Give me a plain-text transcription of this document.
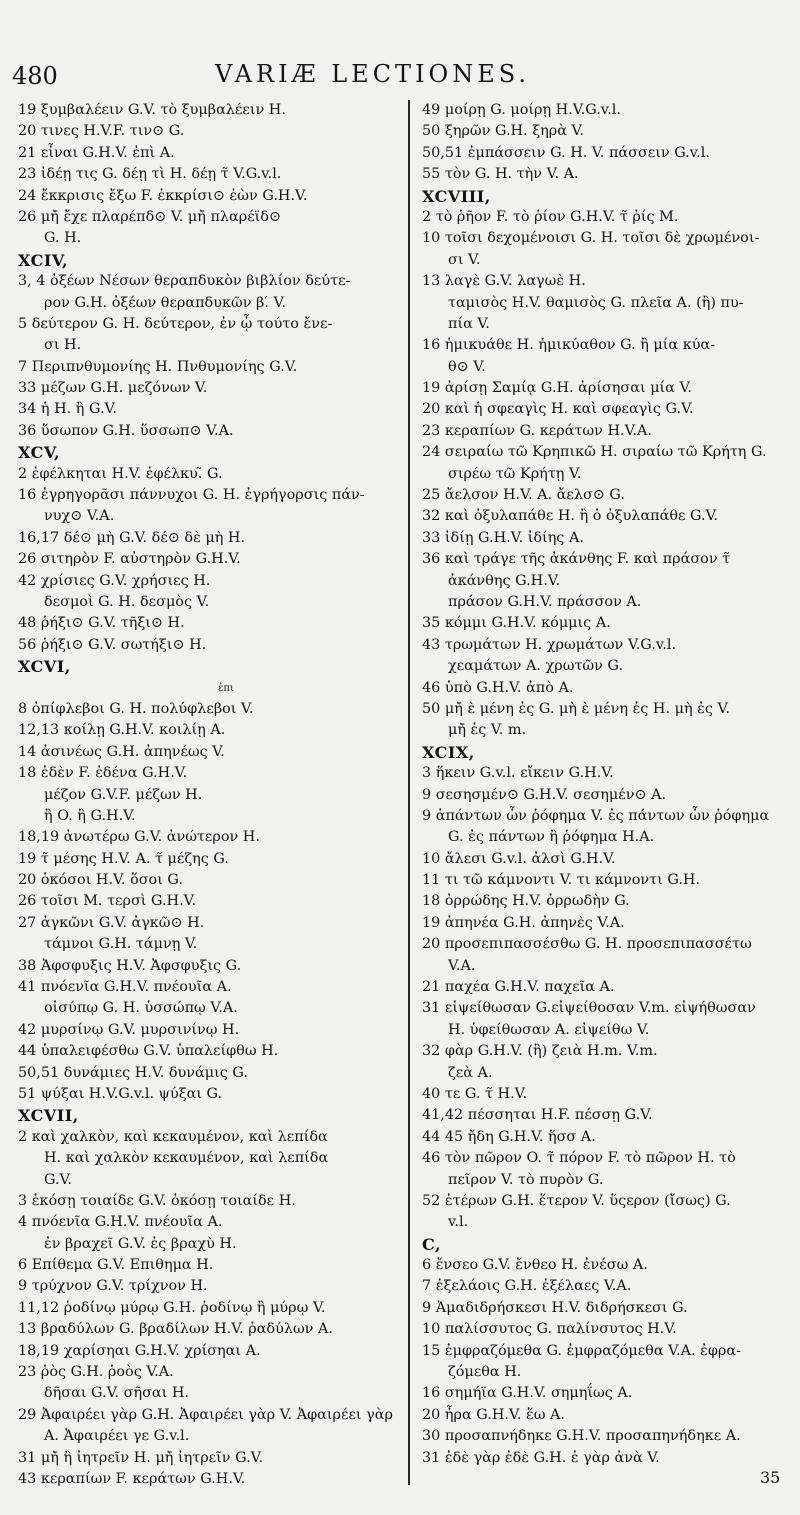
480	VARIÆ LECTIONES.
19 ξυμβαλέειν G.V. τὸ ξυμβαλέειν H.
20 τινες H.V.F. τιν⊙ G.
21 εἶναι G.H.V. ἐπὶ A.
23 ἰδέῃ τις G. δέῃ τὶ H. δέῃ τ̃ V.G.v.l.
24 ἔκκρισις ἔξω F. ἐκκρίσι⊙ ἐὼν G.H.V.
26 μὴ̄ ἔχε πλαρέπδ⊙ V. μὴ̄ πλαρέϊδ⊙
G. H.
XCIV,
3, 4 ὀξέων Νέσων θεραπδυκὸν βιβλίον δεύτε-
ρον G.H. ὀξέων θεραπδυκῶν β.́ V.
5 δεύτερον G. H. δεύτερον, ἐν ᾧ τούτο ἔνε-
σι H.
7 Περιπνθυμονίης H. Πνθυμονίης G.V.
33 μέζων G.H. μεζόνων V.
34 ἡ H. ἢ G.V.
36 ὕσωπον G.H. ὕσσωπ⊙ V.A.
XCV,
2 ἐφέλκηται H.V. ἐφέλκυ.̃ G.
16 ἐγρηγορᾶσι πάννυχοι G. H. ἐγρήγορσις πάν-
νυχ⊙ V.A.
16,17 δέ⊙ μὴ G.V. δέ⊙ δὲ μὴ H.
26 σιτηρὸν F. αὐστηρὸν G.H.V.
42 χρίσιες G.V. χρήσιες H.
δεσμοὶ G. H. δεσμὸς V.
48 ῥήξι⊙ G.V. τῆξι⊙ H.
56 ῥήξι⊙ G.V. σωτήξι⊙ H.
XCVI,
ἐπι
8 ὀπίφλεβοι G. H. πολύφλεβοι V.
12,13 κοίλῃ G.H.V. κοιλίῃ A.
14 ἀσινέως G.H. ἀπηνέως V.
18 ἐδὲν F. ἐδένα G.H.V.
μέζον G.V.F. μέζων H.
ἢ O. ἢ G.H.V.
18,19 ἀνωτέρω G.V. ἀνώτερον H.
19 τ̃ μέσης H.V. A. τ̃ μέζης G.
20 ὁκόσοι H.V. ὅσοι G.
26 τοῖσι M. τερσὶ G.H.V.
27 ἀγκῶνι G.V. ἀγκῶ⊙ H.
τάμνοι G.H. τάμνῃ V.
38 Ἀφσφυξις H.V. Ἀφσφυξις G.
41 πνόενῖα G.H.V. πνέουῖα A.
οἰσύπῳ G. H. ὑσσώπῳ V.A.
42 μυρσίνῳ G.V. μυρσινίνῳ H.
44 ὑπαλειφέσθω G.V. ὑπαλείφθω H.
50,51 δυνάμιες H.V. δυνάμις G.
51 ψύξαι H.V.G.v.l. ψύξαι G.
XCVII,
2 καὶ χαλκὸν, καὶ κεκαυμένον, καὶ λεπίδα
H. καὶ χαλκὸν κεκαυμένον, καὶ λεπίδα
G.V.
3 ἑκόσῃ τοιαίδε G.V. ὁκόσῃ τοιαίδε H.
4 πνόενῖα G.H.V. πνέουῖα A.
ἐν βραχεῖ G.V. ἐς βραχὺ H.
6 Επίθεμα G.V. Επιθημα H.
9 τρύχνον G.V. τρίχνον H.
11,12 ῥοδίνῳ μύρῳ G.H. ῥοδίνῳ ἢ μύρῳ V.
13 βραδύλων G. βραδίλων H.V. ῥαδύλων A.
18,19 χαρίσηαι G.H.V. χρίσηαι A.
23 ῥὸς G.H. ῥοὸς V.A.
δῆσαι G.V. σῆσαι H.
29 Ἀφαιρέει γὰρ G.H. Ἀφαιρέει γὰρ V. Ἀφαιρέει γὰρ
A. Ἀφαιρέει γε G.v.l.
31 μὴ̄ ἢ ἰητρεῖν H. μὴ̄ ἰητρεῖν G.V.
43 κεραπίων F. κεράτων G.H.V.
49 μοίρῃ G. μοίρῃ H.V.G.v.l.
50 ξηρῶν G.H. ξηρὰ V.
50,51 ἐμπάσσειν G. H. V. πάσσειν G.v.l.
55 τὸν G. H. τὴν V. A.
XCVIII,
2 τὸ ῥῆον F. τὸ ῥίον G.H.V. τ̃ ῥίς M.
10 τοῖσι δεχομένοισι G. H. τοῖσι δὲ χρωμένοι-
σι V.
13 λαγὲ G.V. λαγωὲ H.
ταμισὸς H.V. θαμισὸς G. πλεῖα A. (ἢ) πυ-
πία V.
16 ἡμικυάθε H. ἡμικύαθον G. ἢ μία κύα-
θ⊙ V.
19 ἀρίσῃ Σαμίᾳ G.H. ἀρίσησαι μία V.
20 καὶ ἡ σφεαγὶς H. καὶ σφεαγὶς G.V.
23 κεραπίων G. κεράτων H.V.A.
24 σειραίω τῶ Κρηπικῶ H. σιραίω τῶ Κρήτη G.
σιρέω τῶ Κρήτῃ V.
25 ἄελσον H.V. A. ἄελσ⊙ G.
32 καὶ ὀξυλαπάθε H. ἢ ὁ ὀξυλαπάθε G.V.
33 ἰδίῃ G.H.V. ἰδίης A.
36 καὶ τράγε τῆς ἀκάνθης F. καὶ πράσον τ̃
ἀκάνθης G.H.V.
πράσον G.H.V. πράσσον A.
35 κόμμι G.H.V. κόμμις A.
43 τρωμάτων H. χρωμάτων V.G.v.l.
χεαμάτων A. χρωτῶν G.
46 ὑπὸ G.H.V. ἀπὸ A.
50 μὴ̄ ὲ μένη ἐς G. μὴ ὲ μένη ἐς H. μὴ ἐς V.
μὴ̄ ἐς V. m.
XCIX,
3 ἥκειν G.v.l. εἴκειν G.H.V.
9 σεσησμέν⊙ G.H.V. σεσημέν⊙ A.
9 ἁπάντων ὧν ῥόφημα V. ἐς πάντων ὧν ῥόφημα
G. ἐς πάντων ἢ ῥόφημα H.A.
10 ἄλεσι G.v.l. ἀλσὶ G.H.V.
11 τι τῶ κάμνοντι V. τι κάμνοντι G.H.
18 ὀρρώδης H.V. ὀρρωδὴν G.
19 ἀπηνέα G.H. ἀπηνὲς V.A.
20 προσεπιπασσέσθω G. H. προσεπιπασσέτω
V.A.
21 παχέα G.H.V. παχεῖα A.
31 εἰψείθωσαν G.εἰψείθοσαν V.m. εἰψήθωσαν
H. ὑφείθωσαν A. εἰψείθω V.
32 φὰρ G.H.V. (ἢ) ζειὰ H.m. V.m.
ζεὰ A.
40 τε G. τ̃ H.V.
41,42 πέσσηται H.F. πέσσῃ G.V.
44 45 ἤδη G.H.V. ἥσσ A.
46 τὸν πῶρον O. τ̃ πόρον F. τὸ πῶρον H. τὸ
πεῖρον V. τὸ πυρὸν G.
52 ἑτέρων G.H. ἕτερον V. ὕςερον (ἴσως) G.
v.l.
C,
6 ἔνσεο G.V. ἔνθεο H. ἐνέσω A.
7 ἐξελάοις G.H. ἐξέλαες V.A.
9 Ἀμαδιδρήσκεσι H.V. διδρήσκεσι G.
10 παλίσσυτος G. παλίνσυτος H.V.
15 ἐμφραζόμεθα G. ἐμφραζόμεθα V.A. ἐφρα-
ζόμεθα H.
16 σημήϊα G.H.V. σημηΐως A.
20 ἦρα G.H.V. ἕω A.
30 προσαπνήδηκε G.H.V. προσαπηνήδηκε A.
31 ἐδὲ γὰρ ἐδὲ G.H. ἐ γὰρ ἀνὰ V.
35
